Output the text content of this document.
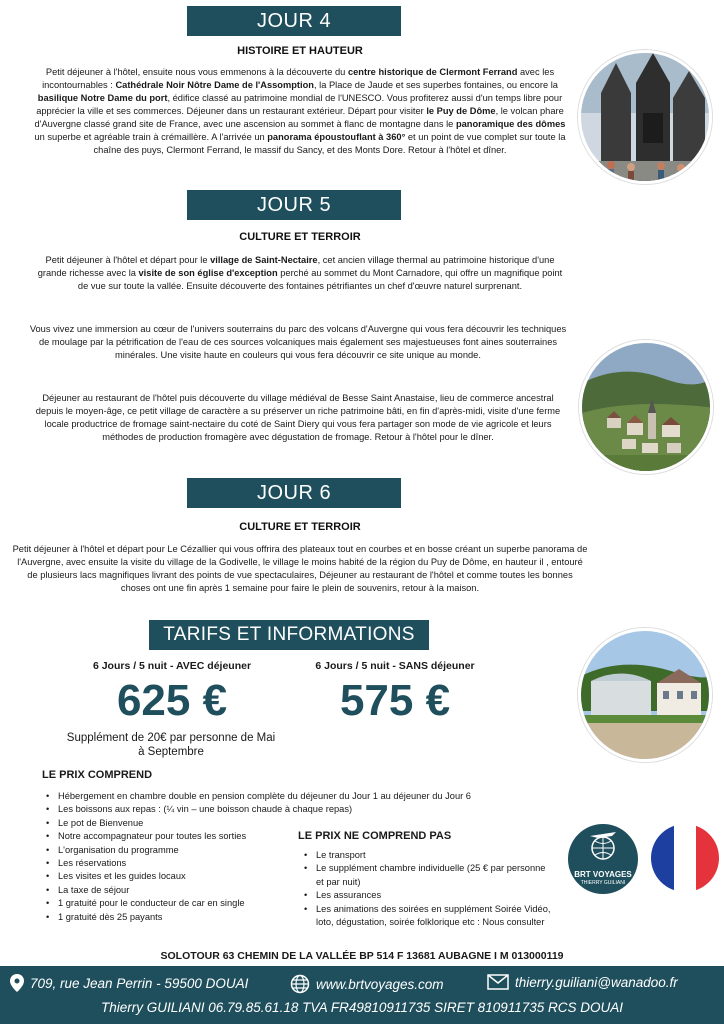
JOUR 4
HISTOIRE ET HAUTEUR
Petit déjeuner à l'hôtel, ensuite nous vous emmenons à la découverte du centre historique de Clermont Ferrand avec les incontournables : Cathédrale Noir Nôtre Dame de l'Assomption, la Place de Jaude et ses superbes fontaines, ou encore la basilique Notre Dame du port, édifice classé au patrimoine mondial de l'UNESCO. Vous profiterez aussi d'un temps libre pour apprécier la ville et ses commerces. Déjeuner dans un restaurant extérieur. Départ pour visiter le Puy de Dôme, le volcan phare d'Auvergne classé grand site de France, avec une ascension au sommet à flanc de montagne dans le panoramique des dômes un superbe et agréable train à crémaillère. A l'arrivée un panorama époustouflant à 360° et un point de vue complet sur toute la chaîne des puys, Clermont Ferrand, le massif du Sancy, et des Monts Dore. Retour à l'hôtel et dîner.
JOUR 5
CULTURE ET TERROIR
Petit déjeuner à l'hôtel et départ pour le village de Saint-Nectaire, cet ancien village thermal au patrimoine historique d'une grande richesse avec la visite de son église d'exception perché au sommet du Mont Carnadore, qui offre un magnifique point de vue sur toute la vallée. Ensuite découverte des fontaines pétrifiantes un chef d'œuvre naturel surprenant.
Vous vivez une immersion au cœur de l'univers souterrains du parc des volcans d'Auvergne qui vous fera découvrir les techniques de moulage par la pétrification de l'eau de ces sources volcaniques mais également ses majestueuses font aines souterraines minérales. Une visite haute en couleurs qui vous fera découvrir ce site unique au monde.
Déjeuner au restaurant de l'hôtel puis découverte du village médiéval de Besse Saint Anastaise, lieu de commerce ancestral depuis le moyen-âge, ce petit village de caractère a su préserver un riche patrimoine bâti, en fin d'après-midi, visite d'une ferme locale productrice de fromage saint-nectaire du coté de Saint Diery qui vous fera partager son mode de vie agricole et leurs méthodes de production fromagère avec dégustation de fromage. Retour à l'hôtel pour le dîner.
JOUR 6
CULTURE ET TERROIR
Petit déjeuner à l'hôtel et départ pour Le Cézallier qui vous offrira des plateaux tout en courbes et en bosse créant un superbe panorama de l'Auvergne, avec ensuite la visite du village de la Godivelle, le village le moins habité de la région du Puy de Dôme, en hauteur il , entouré de plusieurs lacs magnifiques livrant des points de vue spectaculaires, Déjeuner au restaurant de l'hôtel et comme toutes les bonnes choses ont une fin après 1 semaine pour faire le plein de souvenirs, retour à la maison.
TARIFS ET INFORMATIONS
6 Jours / 5 nuit - AVEC déjeuner
625 €
Supplément de 20€ par personne de Mai à Septembre
6 Jours / 5 nuit - SANS déjeuner
575 €
LE PRIX COMPREND
• Hébergement en chambre double en pension complète du déjeuner du Jour 1 au déjeuner du Jour 6
• Les boissons aux repas : (¼ vin – une boisson chaude à chaque repas)
• Le pot de Bienvenue
• Notre accompagnateur pour toutes les sorties
• L'organisation du programme
• Les réservations
• Les visites et les guides locaux
• La taxe de séjour
• 1 gratuité pour le conducteur de car en single
• 1 gratuité dès 25 payants
LE PRIX NE COMPREND PAS
• Le transport
• Le supplément chambre individuelle (25 € par personne et par nuit)
• Les assurances
• Les animations des soirées en supplément Soirée Vidéo, loto, dégustation, soirée folklorique etc : Nous consulter
BRT VOYAGES
THIERRY GUILIANI
SOLOTOUR 63 CHEMIN DE LA VALLÉE BP 514 F 13681 AUBAGNE I M 013000119
709, rue Jean Perrin - 59500 DOUAI	www.brtvoyages.com	thierry.guiliani@wanadoo.fr
Thierry GUILIANI 06.79.85.61.18 TVA FR49810911735 SIRET 810911735 RCS DOUAI
